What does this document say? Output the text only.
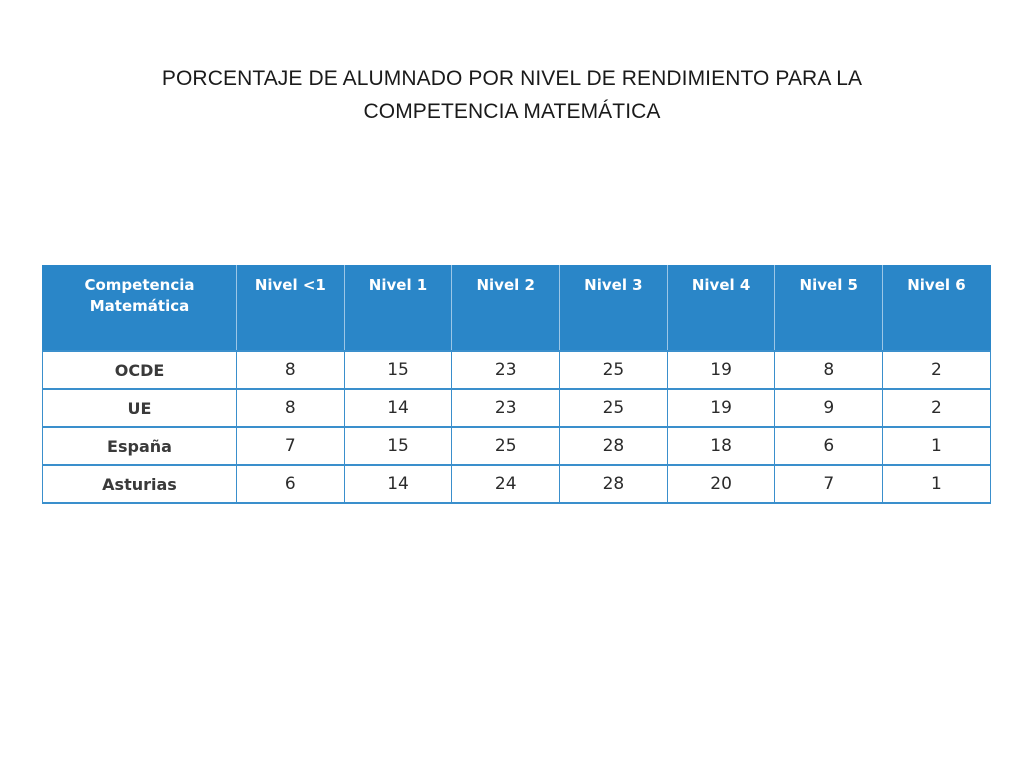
PORCENTAJE DE ALUMNADO POR NIVEL DE RENDIMIENTO PARA LA
COMPETENCIA MATEMÁTICA
Competencia Matemática	Nivel <1	Nivel 1	Nivel 2	Nivel 3	Nivel 4	Nivel 5	Nivel 6
OCDE	8	15	23	25	19	8	2
UE	8	14	23	25	19	9	2
España	7	15	25	28	18	6	1
Asturias	6	14	24	28	20	7	1
